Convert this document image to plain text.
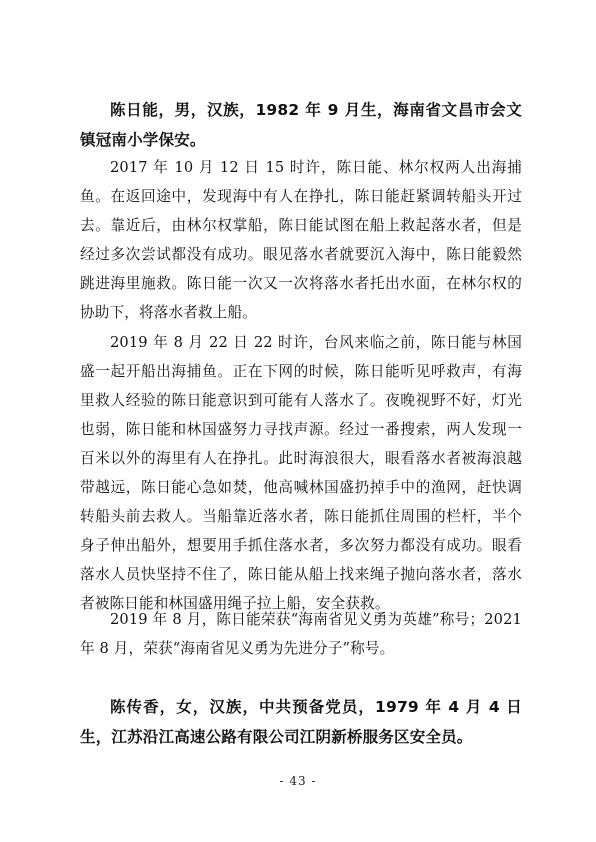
陈日能，男，汉族，1982 年 9 月生，海南省文昌市会文镇冠南小学保安。

2017 年 10 月 12 日 15 时许，陈日能、林尔权两人出海捕鱼。在返回途中，发现海中有人在挣扎，陈日能赶紧调转船头开过去。靠近后，由林尔权掌船，陈日能试图在船上救起落水者，但是经过多次尝试都没有成功。眼见落水者就要沉入海中，陈日能毅然跳进海里施救。陈日能一次又一次将落水者托出水面，在林尔权的协助下，将落水者救上船。

2019 年 8 月 22 日 22 时许，台风来临之前，陈日能与林国盛一起开船出海捕鱼。正在下网的时候，陈日能听见呼救声，有海里救人经验的陈日能意识到可能有人落水了。夜晚视野不好，灯光也弱，陈日能和林国盛努力寻找声源。经过一番搜索，两人发现一百米以外的海里有人在挣扎。此时海浪很大，眼看落水者被海浪越带越远，陈日能心急如焚，他高喊林国盛扔掉手中的渔网，赶快调转船头前去救人。当船靠近落水者，陈日能抓住周围的栏杆，半个身子伸出船外，想要用手抓住落水者，多次努力都没有成功。眼看落水人员快坚持不住了，陈日能从船上找来绳子抛向落水者，落水者被陈日能和林国盛用绳子拉上船，安全获救。

2019 年 8 月，陈日能荣获“海南省见义勇为英雄”称号；2021 年 8 月，荣获“海南省见义勇为先进分子”称号。

陈传香，女，汉族，中共预备党员，1979 年 4 月 4 日生，江苏沿江高速公路有限公司江阴新桥服务区安全员。

- 43 -
